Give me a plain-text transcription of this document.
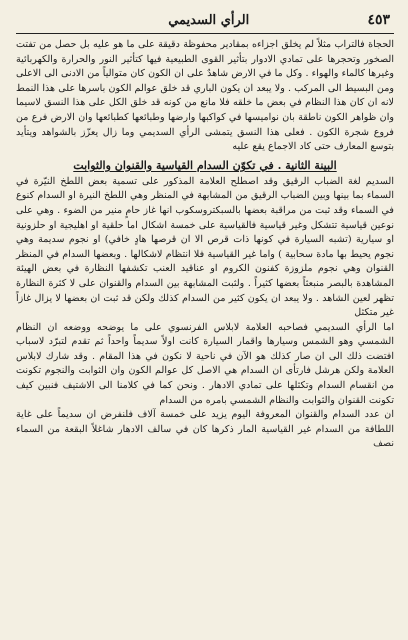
٤٥٣
الرأي السديمي

الحجاة فالتراب مثلاً لم يخلق اجزاءه بمقادير محفوظة دقيقة على ما هو عليه بل حصل من تفتت الصخور وتحجرها على تمادي الادوار بتأثير القوى الطبيعية فيها كتأثير النور والحرارة والكهربائية وغيرها كالماء والهواء . وكل ما في الارض شاهدٌ على ان الكون كان متوالياً من الادنى الى الاعلى ومن البسيط الى المركب . ولا يبعد ان يكون الباري قد خلق عوالم الكون باسرها على هذا النمط لانه ان كان هذا النظام في بعض ما خلقه فلا مانع من كونه قد خلق الكل على هذا النسق لاسيما وان ظواهر الكون ناطقة بان نواميسها في كواكبها وارضها وطبائعها كطبائعها وان الارض فرع من فروع شجرة الكون . فعلى هذا النسق يتمشى الرأي السديمي وما زال يعزّز بالشواهد ويتأيد بتوسع المعارف حتى كاد الاجماع يقع عليه

البينة الثانية . في تكوّن السدام القياسية والقنوان والثوابت

السديم لغة الضباب الرقيق وقد اصطلح العلامة المذكور على تسمية بعض اللطخ النيّرة في السماء بما بينها وبين الضباب الرقيق من المشابهة في المنظر وهي اللطخ النيرة او السدام كنوع في السماء وقد ثبت من مراقبة بعضها بالسبكتروسكوب انها غاز حامٍ منير من الضوء . وهي على نوعين قياسية تتشكل وغير قياسية فالقياسية على خمسة اشكال اما حلقية او اهليجية او حلزونية او سيارية (تشبه السيارة في كونها ذات قرص الا ان قرصها هادٍ خافي) او نجوم سديمة وهي نجوم يحيط بها مادة سحابية ) واما غير القياسية فلا انتظام لاشكالها . وبعضها السدام في المنظر القنوان وهي نجوم ملزوزة كفنون الكروم او عناقيد العنب تكشفها النظارة في بعض الهيئة المشاهدة بالبصر منبعثاً بعضها كثيراً . ولثبت المشابهة بين السدام والقنوان على لا كثرة النظارة تظهر لعين الشاهد . ولا يبعد ان يكون كثير من السدام كذلك ولكن قد ثبت ان بعضها لا يزال غازاً غير متكثل

اما الرأي السديمي فصاحبه العلامة لابلاس الفرنسوي على ما يوضحه ووضعه ان النظام الشمسي وهو الشمس وسيارها واقمار السيارة كانت اولاً سديماً واحداً ثم تقدم لتبرّد لاسباب افتضت ذلك الى ان صار كذلك هو الآن في ناحية لا نكون في هذا المقام . وقد شارك لابلاس العلامة ولكن هرشل فارتأى ان السدام هي الاصل كل عوالم الكون وان الثوابت والنجوم تكونت من انقسام السدام وتكثلها على تمادي الادهار . ونحن كما في كلامنا الى الاشتيف فنبين كيف تكونت القنوان والثوابت والنظام الشمسي بامره من السدام

ان عدد السدام والقنوان المعروفة اليوم يزيد على خمسة آلاف فلنفرض ان سديماً على غاية اللطافة من السدام غير القياسية المار ذكرها كان في سالف الادهار شاغلاً البقعة من السماء نصف
